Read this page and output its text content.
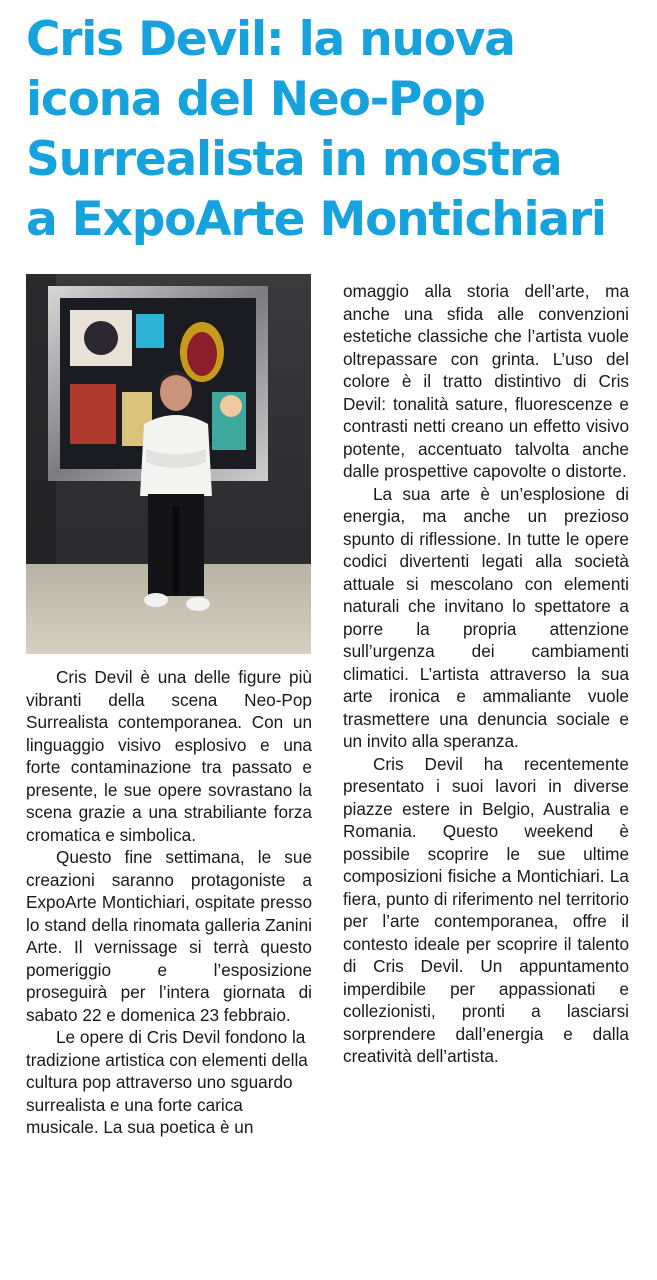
Cris Devil: la nuova
icona del Neo-Pop
Surrealista in mostra
a ExpoArte Montichiari

Cris Devil è una delle figure più vibranti della scena Neo-Pop Surrealista contemporanea. Con un linguaggio visivo esplosivo e una forte contaminazione tra passato e presente, le sue opere sovrastano la scena grazie a una strabiliante forza cromatica e simbolica.

Questo fine settimana, le sue creazioni saranno protagoniste a ExpoArte Montichiari, ospitate presso lo stand della rinomata galleria Zanini Arte. Il vernissage si terrà questo pomeriggio e l’esposizione proseguirà per l’intera giornata di sabato 22 e domenica 23 febbraio.

Le opere di Cris Devil fondono la tradizione artistica con elementi della cultura pop attraverso uno sguardo surrealista e una forte carica musicale. La sua poetica è un

omaggio alla storia dell’arte, ma anche una sfida alle convenzioni estetiche classiche che l’artista vuole oltrepassare con grinta. L’uso del colore è il tratto distintivo di Cris Devil: tonalità sature, fluorescenze e contrasti netti creano un effetto visivo potente, accentuato talvolta anche dalle prospettive capovolte o distorte.

La sua arte è un’esplosione di energia, ma anche un prezioso spunto di riflessione. In tutte le opere codici divertenti legati alla società attuale si mescolano con elementi naturali che invitano lo spettatore a porre la propria attenzione sull’urgenza dei cambiamenti climatici. L’artista attraverso la sua arte ironica e ammaliante vuole trasmettere una denuncia sociale e un invito alla speranza.

Cris Devil ha recentemente presentato i suoi lavori in diverse piazze estere in Belgio, Australia e Romania. Questo weekend è possibile scoprire le sue ultime composizioni fisiche a Montichiari. La fiera, punto di riferimento nel territorio per l’arte contemporanea, offre il contesto ideale per scoprire il talento di Cris Devil. Un appuntamento imperdibile per appassionati e collezionisti, pronti a lasciarsi sorprendere dall’energia e dalla creatività dell’artista.
